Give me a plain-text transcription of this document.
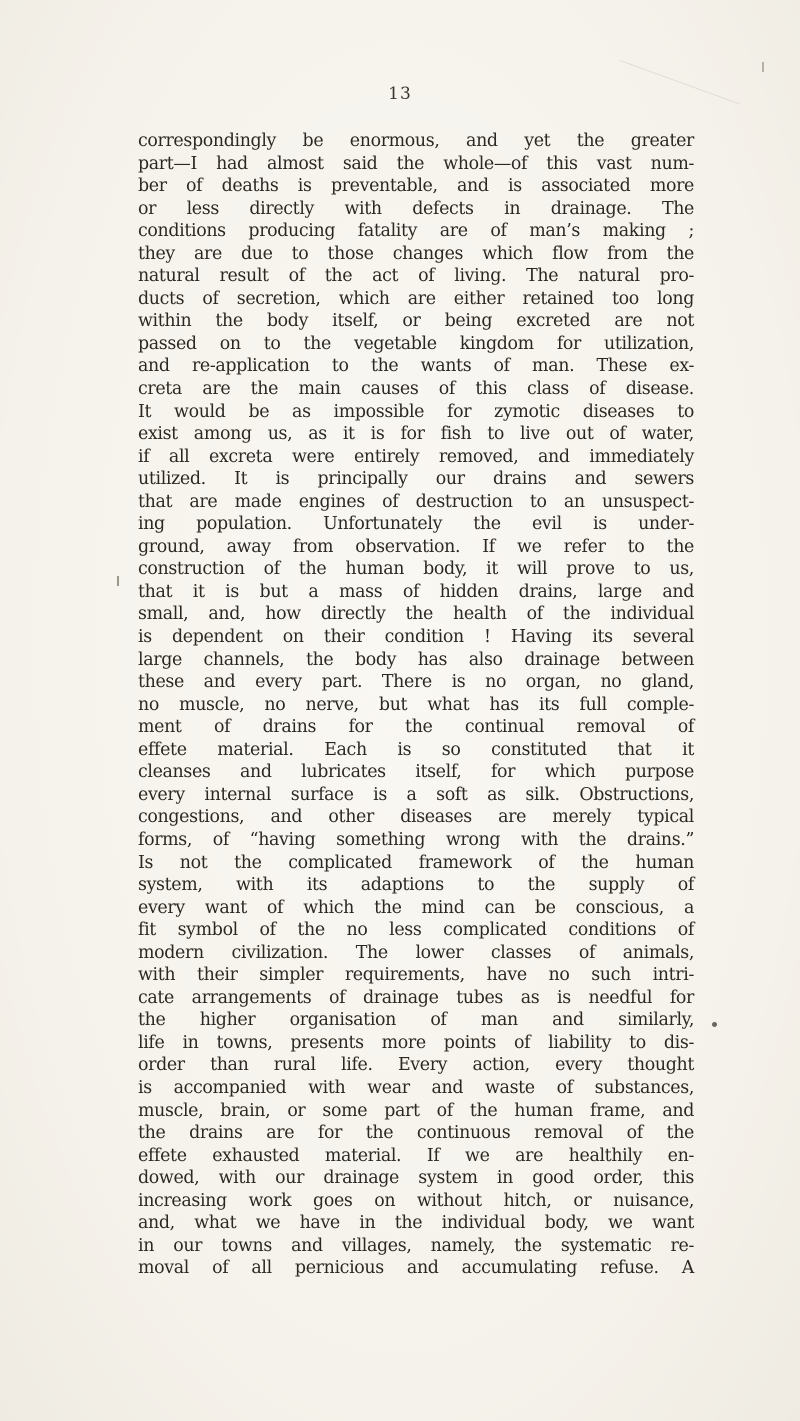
13
correspondingly be enormous, and yet the greater
part—I had almost said the whole—of this vast num-
ber of deaths is preventable, and is associated more
or less directly with defects in drainage. The
conditions producing fatality are of man’s making ;
they are due to those changes which flow from the
natural result of the act of living. The natural pro-
ducts of secretion, which are either retained too long
within the body itself, or being excreted are not
passed on to the vegetable kingdom for utilization,
and re-application to the wants of man. These ex-
creta are the main causes of this class of disease.
It would be as impossible for zymotic diseases to
exist among us, as it is for fish to live out of water,
if all excreta were entirely removed, and immediately
utilized. It is principally our drains and sewers
that are made engines of destruction to an unsuspect-
ing population. Unfortunately the evil is under-
ground, away from observation. If we refer to the
construction of the human body, it will prove to us,
that it is but a mass of hidden drains, large and
small, and, how directly the health of the individual
is dependent on their condition ! Having its several
large channels, the body has also drainage between
these and every part. There is no organ, no gland,
no muscle, no nerve, but what has its full comple-
ment of drains for the continual removal of
effete material. Each is so constituted that it
cleanses and lubricates itself, for which purpose
every internal surface is a soft as silk. Obstructions,
congestions, and other diseases are merely typical
forms, of “having something wrong with the drains.”
Is not the complicated framework of the human
system, with its adaptions to the supply of
every want of which the mind can be conscious, a
fit symbol of the no less complicated conditions of
modern civilization. The lower classes of animals,
with their simpler requirements, have no such intri-
cate arrangements of drainage tubes as is needful for
the higher organisation of man and similarly,
life in towns, presents more points of liability to dis-
order than rural life. Every action, every thought
is accompanied with wear and waste of substances,
muscle, brain, or some part of the human frame, and
the drains are for the continuous removal of the
effete exhausted material. If we are healthily en-
dowed, with our drainage system in good order, this
increasing work goes on without hitch, or nuisance,
and, what we have in the individual body, we want
in our towns and villages, namely, the systematic re-
moval of all pernicious and accumulating refuse. A
